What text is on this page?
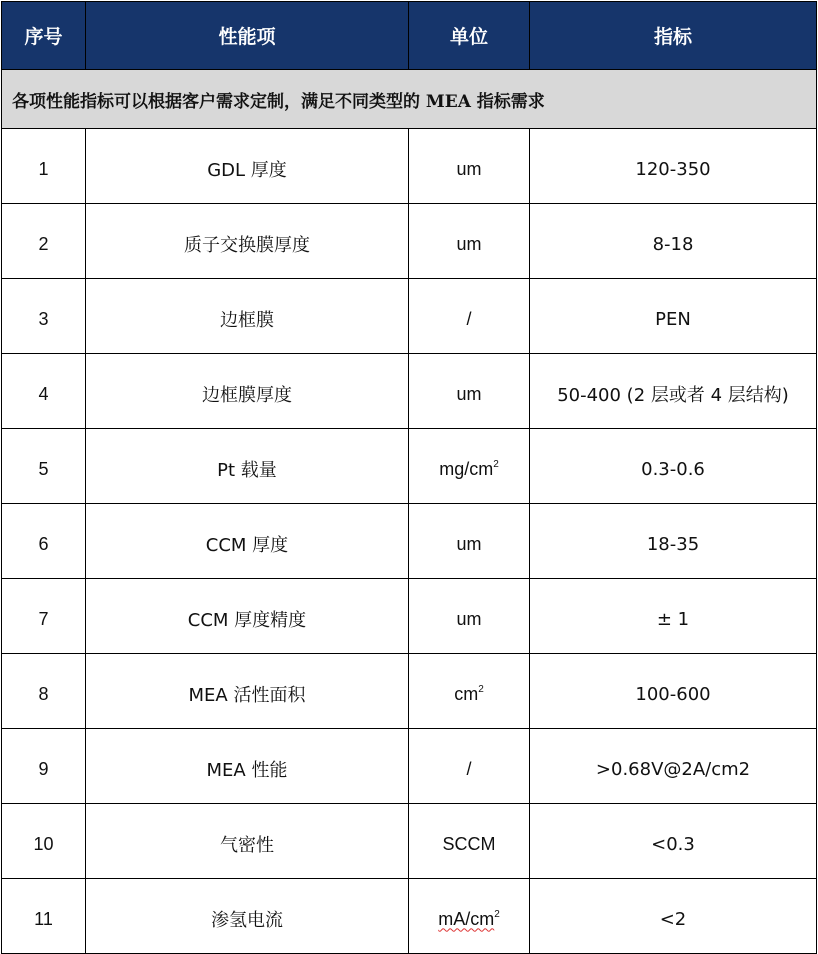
序号	性能项	单位	指标
各项性能指标可以根据客户需求定制，满足不同类型的 MEA 指标需求			
1	GDL 厚度	um	120-350
2	质子交换膜厚度	um	8-18
3	边框膜	/	PEN
4	边框膜厚度	um	50-400 (2 层或者 4 层结构)
5	Pt 载量	$mg/cm^2$	0.3-0.6
6	CCM 厚度	um	18-35
7	CCM 厚度精度	um	± 1
8	MEA 活性面积	$cm^2$	100-600
9	MEA 性能	/	>0.68V@2A/cm2
10	气密性	SCCM	<0.3
11	渗氢电流	$mA/cm^2$	<2
